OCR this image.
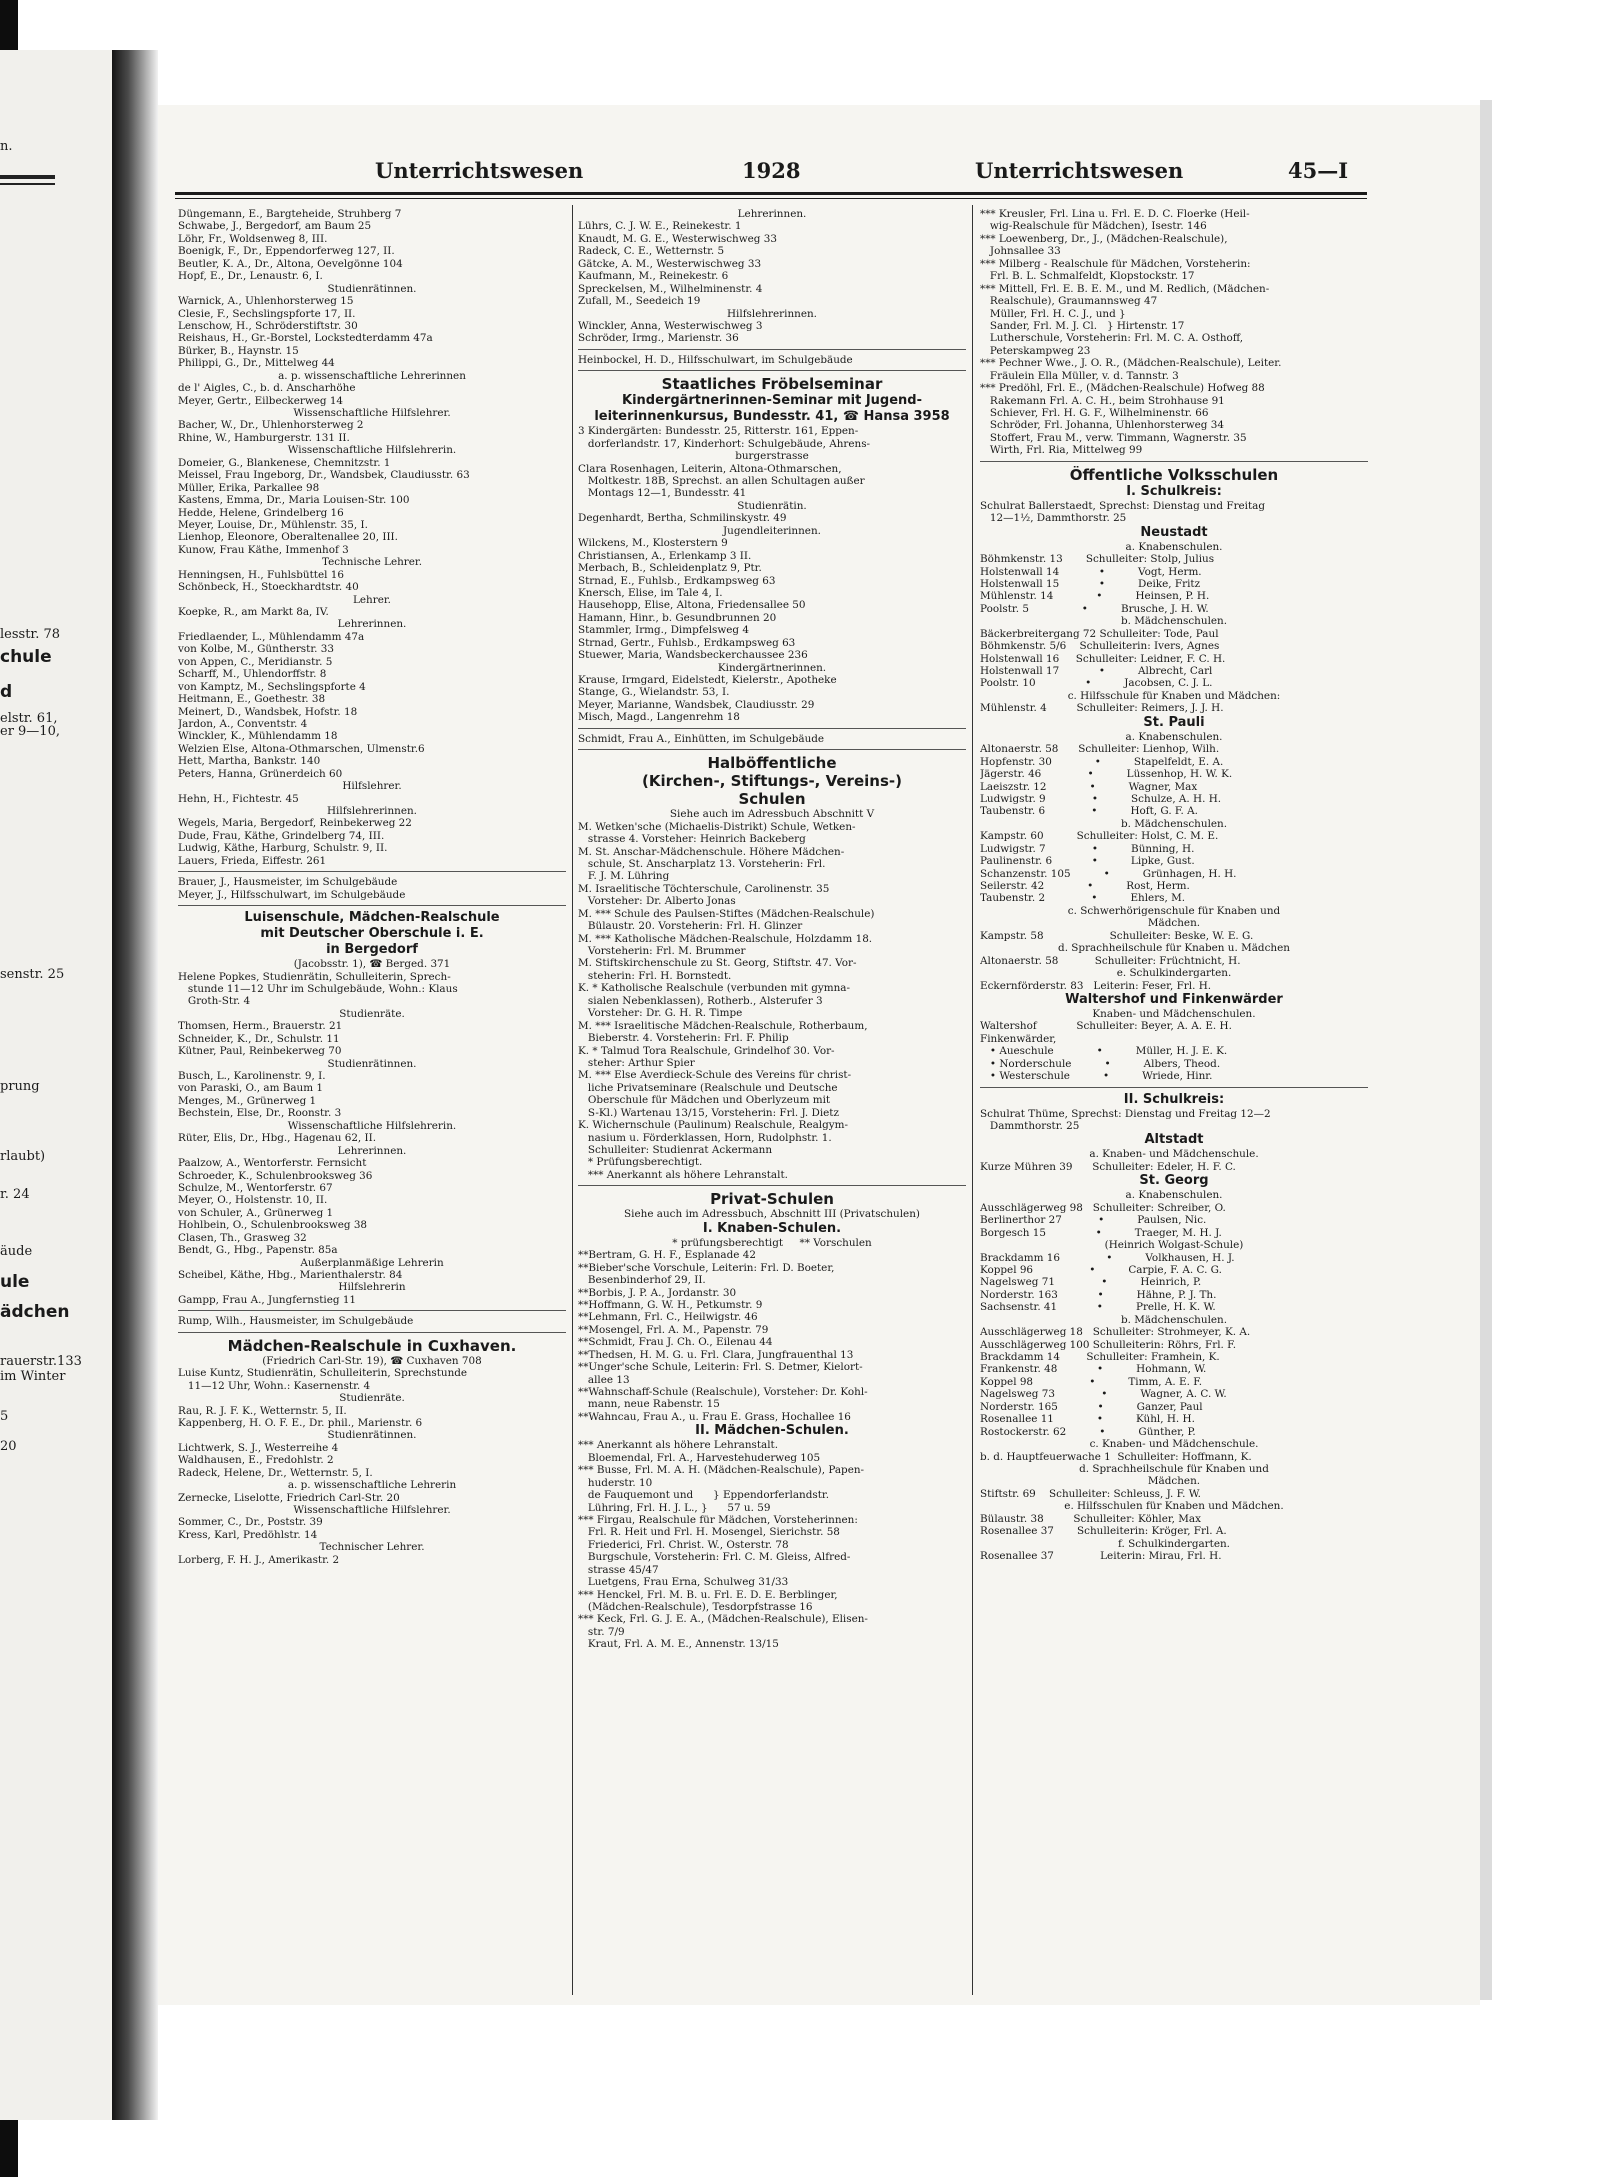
n.
lesstr. 78
chule
d
elstr. 61,
er 9—10,
senstr. 25
prung
rlaubt)
r. 24
äude
ule
ädchen
rauerstr.133
im Winter
5
20
Unterrichtswesen	1928	Unterrichtswesen	45—I
Düngemann, E., Bargteheide, Struhberg 7
Schwabe, J., Bergedorf, am Baum 25
Löhr, Fr., Woldsenweg 8, III.
Boenigk, F., Dr., Eppendorferweg 127, II.
Beutler, K. A., Dr., Altona, Oevelgönne 104
Hopf, E., Dr., Lenaustr. 6, I.
Studienrätinnen.
Warnick, A., Uhlenhorsterweg 15
Clesie, F., Sechslingspforte 17, II.
Lenschow, H., Schröderstiftstr. 30
Reishaus, H., Gr.-Borstel, Lockstedterdamm 47a
Bürker, B., Haynstr. 15
Philippi, G., Dr., Mittelweg 44
a. p. wissenschaftliche Lehrerinnen
de l' Aigles, C., b. d. Anscharhöhe
Meyer, Gertr., Eilbeckerweg 14
Wissenschaftliche Hilfslehrer.
Bacher, W., Dr., Uhlenhorsterweg 2
Rhine, W., Hamburgerstr. 131 II.
Wissenschaftliche Hilfslehrerin.
Domeier, G., Blankenese, Chemnitzstr. 1
Meissel, Frau Ingeborg, Dr., Wandsbek, Claudiusstr. 63
Müller, Erika, Parkallee 98
Kastens, Emma, Dr., Maria Louisen-Str. 100
Hedde, Helene, Grindelberg 16
Meyer, Louise, Dr., Mühlenstr. 35, I.
Lienhop, Eleonore, Oberaltenallee 20, III.
Kunow, Frau Käthe, Immenhof 3
Technische Lehrer.
Henningsen, H., Fuhlsbüttel 16
Schönbeck, H., Stoeckhardtstr. 40
Lehrer.
Koepke, R., am Markt 8a, IV.
Lehrerinnen.
Friedlaender, L., Mühlendamm 47a
von Kolbe, M., Güntherstr. 33
von Appen, C., Meridianstr. 5
Scharff, M., Uhlendorffstr. 8
von Kamptz, M., Sechslingspforte 4
Heitmann, E., Goethestr. 38
Meinert, D., Wandsbek, Hofstr. 18
Jardon, A., Conventstr. 4
Winckler, K., Mühlendamm 18
Welzien Else, Altona-Othmarschen, Ulmenstr.6
Hett, Martha, Bankstr. 140
Peters, Hanna, Grünerdeich 60
Hilfslehrer.
Hehn, H., Fichtestr. 45
Hilfslehrerinnen.
Wegels, Maria, Bergedorf, Reinbekerweg 22
Dude, Frau, Käthe, Grindelberg 74, III.
Ludwig, Käthe, Harburg, Schulstr. 9, II.
Lauers, Frieda, Eiffestr. 261
Brauer, J., Hausmeister, im Schulgebäude
Meyer, J., Hilfsschulwart, im Schulgebäude
Luisenschule, Mädchen-Realschule
mit Deutscher Oberschule i. E.
in Bergedorf
(Jacobsstr. 1), ☎ Berged. 371
Helene Popkes, Studienrätin, Schulleiterin, Sprech-
stunde 11—12 Uhr im Schulgebäude, Wohn.: Klaus
Groth-Str. 4
Studienräte.
Thomsen, Herm., Brauerstr. 21
Schneider, K., Dr., Schulstr. 11
Kütner, Paul, Reinbekerweg 70
Studienrätinnen.
Busch, L., Karolinenstr. 9, I.
von Paraski, O., am Baum 1
Menges, M., Grünerweg 1
Bechstein, Else, Dr., Roonstr. 3
Wissenschaftliche Hilfslehrerin.
Rüter, Elis, Dr., Hbg., Hagenau 62, II.
Lehrerinnen.
Paalzow, A., Wentorferstr. Fernsicht
Schroeder, K., Schulenbrooksweg 36
Schulze, M., Wentorferstr. 67
Meyer, O., Holstenstr. 10, II.
von Schuler, A., Grünerweg 1
Hohlbein, O., Schulenbrooksweg 38
Clasen, Th., Grasweg 32
Bendt, G., Hbg., Papenstr. 85a
Außerplanmäßige Lehrerin
Scheibel, Käthe, Hbg., Marienthalerstr. 84
Hilfslehrerin
Gampp, Frau A., Jungfernstieg 11
Rump, Wilh., Hausmeister, im Schulgebäude
Mädchen-Realschule in Cuxhaven.
(Friedrich Carl-Str. 19), ☎ Cuxhaven 708
Luise Kuntz, Studienrätin, Schulleiterin, Sprechstunde
11—12 Uhr, Wohn.: Kasernenstr. 4
Studienräte.
Rau, R. J. F. K., Wetternstr. 5, II.
Kappenberg, H. O. F. E., Dr. phil., Marienstr. 6
Studienrätinnen.
Lichtwerk, S. J., Westerreihe 4
Waldhausen, E., Fredohlstr. 2
Radeck, Helene, Dr., Wetternstr. 5, I.
a. p. wissenschaftliche Lehrerin
Zernecke, Liselotte, Friedrich Carl-Str. 20
Wissenschaftliche Hilfslehrer.
Sommer, C., Dr., Poststr. 39
Kress, Karl, Predöhlstr. 14
Technischer Lehrer.
Lorberg, F. H. J., Amerikastr. 2
Lehrerinnen.
Lührs, C. J. W. E., Reinekestr. 1
Knaudt, M. G. E., Westerwischweg 33
Radeck, C. E., Wetternstr. 5
Gätcke, A. M., Westerwischweg 33
Kaufmann, M., Reinekestr. 6
Spreckelsen, M., Wilhelminenstr. 4
Zufall, M., Seedeich 19
Hilfslehrerinnen.
Winckler, Anna, Westerwischweg 3
Schröder, Irmg., Marienstr. 36
Heinbockel, H. D., Hilfsschulwart, im Schulgebäude
Staatliches Fröbelseminar
Kindergärtnerinnen-Seminar mit Jugend-
leiterinnenkursus, Bundesstr. 41, ☎ Hansa 3958
3 Kindergärten: Bundesstr. 25, Ritterstr. 161, Eppen-
dorferlandstr. 17, Kinderhort: Schulgebäude, Ahrens-
burgerstrasse
Clara Rosenhagen, Leiterin, Altona-Othmarschen,
Moltkestr. 18B, Sprechst. an allen Schultagen außer
Montags 12—1, Bundesstr. 41
Studienrätin.
Degenhardt, Bertha, Schmilinskystr. 49
Jugendleiterinnen.
Wilckens, M., Klosterstern 9
Christiansen, A., Erlenkamp 3 II.
Merbach, B., Schleidenplatz 9, Ptr.
Strnad, E., Fuhlsb., Erdkampsweg 63
Knersch, Elise, im Tale 4, I.
Hausehopp, Elise, Altona, Friedensallee 50
Hamann, Hinr., b. Gesundbrunnen 20
Stammler, Irmg., Dimpfelsweg 4
Strnad, Gertr., Fuhlsb., Erdkampsweg 63
Stuewer, Maria, Wandsbeckerchaussee 236
Kindergärtnerinnen.
Krause, Irmgard, Eidelstedt, Kielerstr., Apotheke
Stange, G., Wielandstr. 53, I.
Meyer, Marianne, Wandsbek, Claudiusstr. 29
Misch, Magd., Langenrehm 18
Schmidt, Frau A., Einhütten, im Schulgebäude
Halböffentliche
(Kirchen-, Stiftungs-, Vereins-)
Schulen
Siehe auch im Adressbuch Abschnitt V
M. Wetken'sche (Michaelis-Distrikt) Schule, Wetken-
strasse 4. Vorsteher: Heinrich Backeberg
M. St. Anschar-Mädchenschule. Höhere Mädchen-
schule, St. Anscharplatz 13. Vorsteherin: Frl.
F. J. M. Lühring
M. Israelitische Töchterschule, Carolinenstr. 35
Vorsteher: Dr. Alberto Jonas
M. *** Schule des Paulsen-Stiftes (Mädchen-Realschule)
Bülaustr. 20. Vorsteherin: Frl. H. Glinzer
M. *** Katholische Mädchen-Realschule, Holzdamm 18.
Vorsteherin: Frl. M. Brummer
M. Stiftskirchenschule zu St. Georg, Stiftstr. 47. Vor-
steherin: Frl. H. Bornstedt.
K. * Katholische Realschule (verbunden mit gymna-
sialen Nebenklassen), Rotherb., Alsterufer 3
Vorsteher: Dr. G. H. R. Timpe
M. *** Israelitische Mädchen-Realschule, Rotherbaum,
Bieberstr. 4. Vorsteherin: Frl. F. Philip
K. * Talmud Tora Realschule, Grindelhof 30. Vor-
steher: Arthur Spier
M. *** Else Averdieck-Schule des Vereins für christ-
liche Privatseminare (Realschule und Deutsche
Oberschule für Mädchen und Oberlyzeum mit
S-Kl.) Wartenau 13/15, Vorsteherin: Frl. J. Dietz
K. Wichernschule (Paulinum) Realschule, Realgym-
nasium u. Förderklassen, Horn, Rudolphstr. 1.
Schulleiter: Studienrat Ackermann
* Prüfungsberechtigt.
*** Anerkannt als höhere Lehranstalt.
Privat-Schulen
Siehe auch im Adressbuch, Abschnitt III (Privatschulen)
I. Knaben-Schulen.
* prüfungsberechtigt     ** Vorschulen
**Bertram, G. H. F., Esplanade 42
**Bieber'sche Vorschule, Leiterin: Frl. D. Boeter,
Besenbinderhof 29, II.
**Borbis, J. P. A., Jordanstr. 30
**Hoffmann, G. W. H., Petkumstr. 9
**Lehmann, Frl. C., Heilwigstr. 46
**Mosengel, Frl. A. M., Papenstr. 79
**Schmidt, Frau J. Ch. O., Eilenau 44
**Thedsen, H. M. G. u. Frl. Clara, Jungfrauenthal 13
**Unger'sche Schule, Leiterin: Frl. S. Detmer, Kielort-
allee 13
**Wahnschaff-Schule (Realschule), Vorsteher: Dr. Kohl-
mann, neue Rabenstr. 15
**Wahncau, Frau A., u. Frau E. Grass, Hochallee 16
II. Mädchen-Schulen.
*** Anerkannt als höhere Lehranstalt.
Bloemendal, Frl. A., Harvestehuderweg 105
*** Busse, Frl. M. A. H. (Mädchen-Realschule), Papen-
huderstr. 10
de Fauquemont und      } Eppendorferlandstr.
Lühring, Frl. H. J. L., }      57 u. 59
*** Firgau, Realschule für Mädchen, Vorsteherinnen:
Frl. R. Heit und Frl. H. Mosengel, Sierichstr. 58
Friederici, Frl. Christ. W., Osterstr. 78
Burgschule, Vorsteherin: Frl. C. M. Gleiss, Alfred-
strasse 45/47
Luetgens, Frau Erna, Schulweg 31/33
*** Henckel, Frl. M. B. u. Frl. E. D. E. Berblinger,
(Mädchen-Realschule), Tesdorpfstrasse 16
*** Keck, Frl. G. J. E. A., (Mädchen-Realschule), Elisen-
str. 7/9
Kraut, Frl. A. M. E., Annenstr. 13/15
*** Kreusler, Frl. Lina u. Frl. E. D. C. Floerke (Heil-
wig-Realschule für Mädchen), Isestr. 146
*** Loewenberg, Dr., J., (Mädchen-Realschule),
Johnsallee 33
*** Milberg - Realschule für Mädchen, Vorsteherin:
Frl. B. L. Schmalfeldt, Klopstockstr. 17
*** Mittell, Frl. E. B. E. M., und M. Redlich, (Mädchen-
Realschule), Graumannsweg 47
Müller, Frl. H. C. J., und }
Sander, Frl. M. J. Cl.   } Hirtenstr. 17
Lutherschule, Vorsteherin: Frl. M. C. A. Osthoff,
Peterskampweg 23
*** Pechner Wwe., J. O. R., (Mädchen-Realschule), Leiter.
Fräulein Ella Müller, v. d. Tannstr. 3
*** Predöhl, Frl. E., (Mädchen-Realschule) Hofweg 88
Rakemann Frl. A. C. H., beim Strohhause 91
Schiever, Frl. H. G. F., Wilhelminenstr. 66
Schröder, Frl. Johanna, Uhlenhorsterweg 34
Stoffert, Frau M., verw. Timmann, Wagnerstr. 35
Wirth, Frl. Ria, Mittelweg 99
Öffentliche Volksschulen
I. Schulkreis:
Schulrat Ballerstaedt, Sprechst: Dienstag und Freitag
12—1½, Dammthorstr. 25
Neustadt
a. Knabenschulen.
Böhmkenstr. 13       Schulleiter: Stolp, Julius
Holstenwall 14            •          Vogt, Herm.
Holstenwall 15            •          Deike, Fritz
Mühlenstr. 14             •          Heinsen, P. H.
Poolstr. 5                •          Brusche, J. H. W.
b. Mädchenschulen.
Bäckerbreitergang 72 Schulleiter: Tode, Paul
Böhmkenstr. 5/6    Schulleiterin: Ivers, Agnes
Holstenwall 16     Schulleiter: Leidner, F. C. H.
Holstenwall 17            •          Albrecht, Carl
Poolstr. 10               •          Jacobsen, C. J. L.
c. Hilfsschule für Knaben und Mädchen:
Mühlenstr. 4         Schulleiter: Reimers, J. J. H.
St. Pauli
a. Knabenschulen.
Altonaerstr. 58      Schulleiter: Lienhop, Wilh.
Hopfenstr. 30             •          Stapelfeldt, E. A.
Jägerstr. 46              •          Lüssenhop, H. W. K.
Laeiszstr. 12             •          Wagner, Max
Ludwigstr. 9              •          Schulze, A. H. H.
Taubenstr. 6              •          Hoft, G. F. A.
b. Mädchenschulen.
Kampstr. 60          Schulleiter: Holst, C. M. E.
Ludwigstr. 7              •          Bünning, H.
Paulinenstr. 6            •          Lipke, Gust.
Schanzenstr. 105          •          Grünhagen, H. H.
Seilerstr. 42             •          Rost, Herm.
Taubenstr. 2              •          Ehlers, M.
c. Schwerhörigenschule für Knaben und
Mädchen.
Kampstr. 58                    Schulleiter: Beske, W. E. G.
d. Sprachheilschule für Knaben u. Mädchen
Altonaerstr. 58           Schulleiter: Früchtnicht, H.
e. Schulkindergarten.
Eckernförderstr. 83   Leiterin: Feser, Frl. H.
Waltershof und Finkenwärder
Knaben- und Mädchenschulen.
Waltershof            Schulleiter: Beyer, A. A. E. H.
Finkenwärder,
• Aueschule             •          Müller, H. J. E. K.
• Norderschule          •          Albers, Theod.
• Westerschule          •          Wriede, Hinr.
II. Schulkreis:
Schulrat Thüme, Sprechst: Dienstag und Freitag 12—2
Dammthorstr. 25
Altstadt
a. Knaben- und Mädchenschule.
Kurze Mühren 39      Schulleiter: Edeler, H. F. C.
St. Georg
a. Knabenschulen.
Ausschlägerweg 98   Schulleiter: Schreiber, O.
Berlinerthor 27           •          Paulsen, Nic.
Borgesch 15               •          Traeger, M. H. J.
(Heinrich Wolgast-Schule)
Brackdamm 16              •          Volkhausen, H. J.
Koppel 96                 •          Carpie, F. A. C. G.
Nagelsweg 71              •          Heinrich, P.
Norderstr. 163            •          Hähne, P. J. Th.
Sachsenstr. 41            •          Prelle, H. K. W.
b. Mädchenschulen.
Ausschlägerweg 18   Schulleiter: Strohmeyer, K. A.
Ausschlägerweg 100 Schulleiterin: Röhrs, Frl. F.
Brackdamm 14        Schulleiter: Framhein, K.
Frankenstr. 48            •          Hohmann, W.
Koppel 98                 •          Timm, A. E. F.
Nagelsweg 73              •          Wagner, A. C. W.
Norderstr. 165            •          Ganzer, Paul
Rosenallee 11             •          Kühl, H. H.
Rostockerstr. 62          •          Günther, P.
c. Knaben- und Mädchenschule.
b. d. Hauptfeuerwache 1  Schulleiter: Hoffmann, K.
d. Sprachheilschule für Knaben und
Mädchen.
Stiftstr. 69    Schulleiter: Schleuss, J. F. W.
e. Hilfsschulen für Knaben und Mädchen.
Bülaustr. 38         Schulleiter: Köhler, Max
Rosenallee 37       Schulleiterin: Kröger, Frl. A.
f. Schulkindergarten.
Rosenallee 37              Leiterin: Mirau, Frl. H.
